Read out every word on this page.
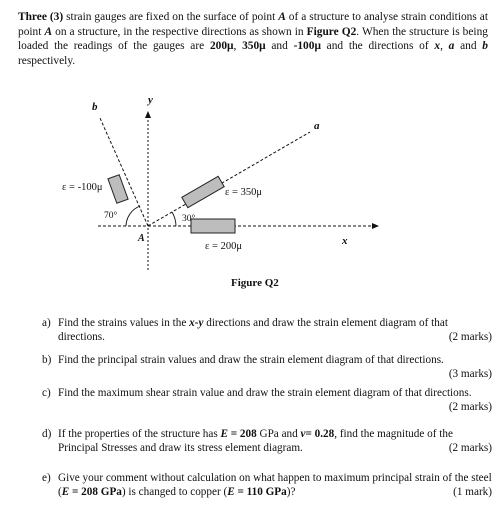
Three (3) strain gauges are fixed on the surface of point A of a structure to analyse strain conditions at point A on a structure, in the respective directions as shown in Figure Q2. When the structure is being loaded the readings of the gauges are 200μ, 350μ and -100μ and the directions of x, a and b respectively.

b
y
a
x
A
ε = -100μ	ε = 350μ
ε = 200μ
70°	30°
Figure Q2
a) Find the strains values in the x-y directions and draw the strain element diagram of that directions.	(2 marks)
b) Find the principal strain values and draw the strain element diagram of that directions.
(3 marks)
c) Find the maximum shear strain value and draw the strain element diagram of that directions.
(2 marks)
d) If the properties of the structure has E = 208 GPa and ν= 0.28, find the magnitude of the Principal Stresses and draw its stress element diagram.	(2 marks)
e) Give your comment without calculation on what happen to maximum principal strain of the steel (E = 208 GPa) is changed to copper (E = 110 GPa)?	(1 mark)
